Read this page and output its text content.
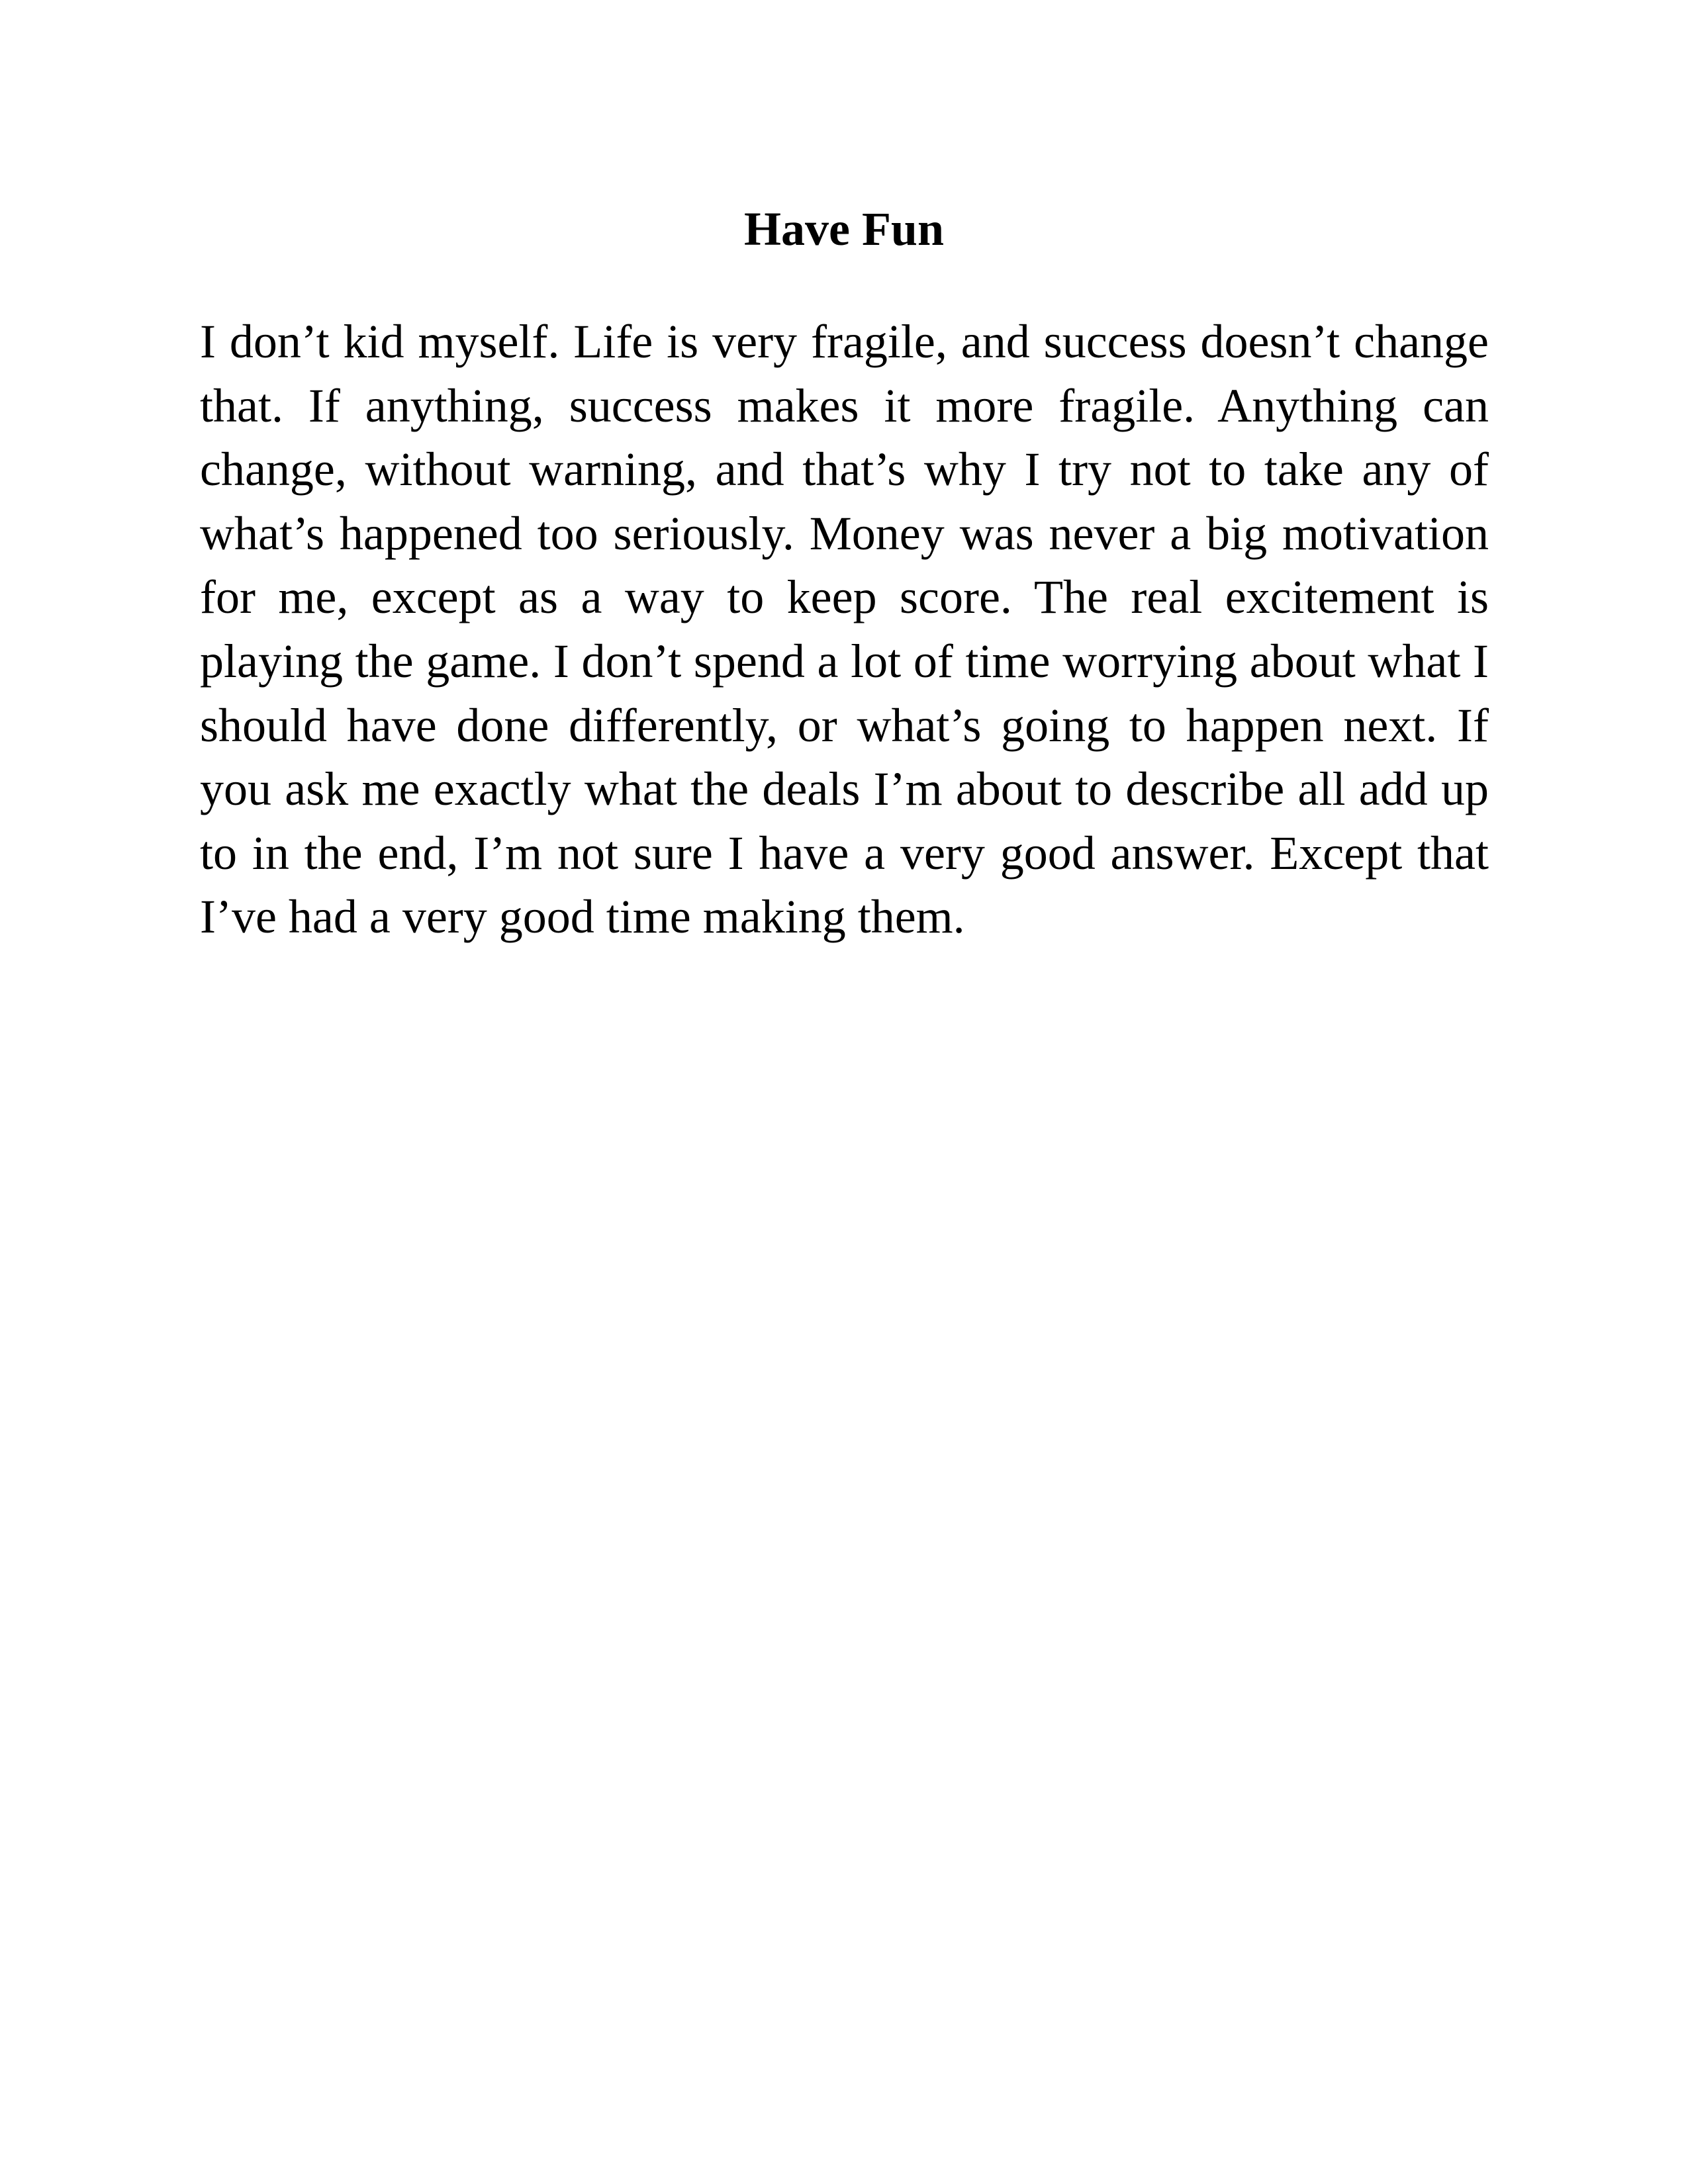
Have Fun

I don’t kid myself. Life is very fragile, and success doesn’t change that. If anything, success makes it more fragile. Anything can change, without warning, and that’s why I try not to take any of what’s happened too seriously. Money was never a big motivation for me, except as a way to keep score. The real excitement is playing the game. I don’t spend a lot of time worrying about what I should have done differently, or what’s going to happen next. If you ask me exactly what the deals I’m about to describe all add up to in the end, I’m not sure I have a very good answer. Except that I’ve had a very good time making them.
